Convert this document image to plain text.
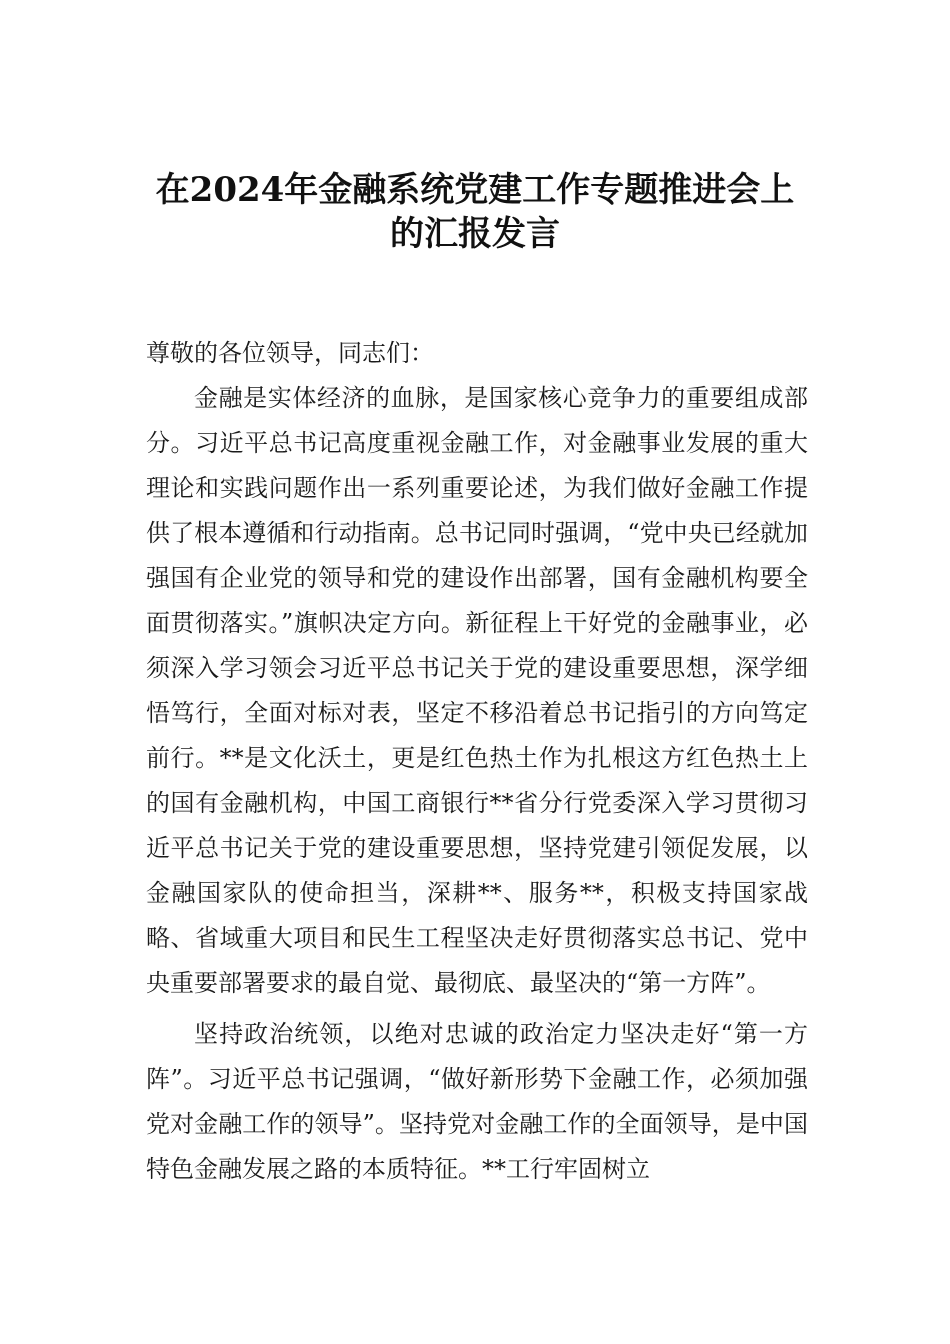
在2024年金融系统党建工作专题推进会上
的汇报发言

尊敬的各位领导，同志们：

金融是实体经济的血脉，是国家核心竞争力的重要组成部分。习近平总书记高度重视金融工作，对金融事业发展的重大理论和实践问题作出一系列重要论述，为我们做好金融工作提供了根本遵循和行动指南。总书记同时强调，“党中央已经就加强国有企业党的领导和党的建设作出部署，国有金融机构要全面贯彻落实。”旗帜决定方向。新征程上干好党的金融事业，必须深入学习领会习近平总书记关于党的建设重要思想，深学细悟笃行，全面对标对表，坚定不移沿着总书记指引的方向笃定前行。**是文化沃土，更是红色热土作为扎根这方红色热土上的国有金融机构，中国工商银行**省分行党委深入学习贯彻习近平总书记关于党的建设重要思想，坚持党建引领促发展，以金融国家队的使命担当，深耕**、服务**，积极支持国家战略、省域重大项目和民生工程坚决走好贯彻落实总书记、党中央重要部署要求的最自觉、最彻底、最坚决的“第一方阵”。

坚持政治统领，以绝对忠诚的政治定力坚决走好“第一方阵”。习近平总书记强调，“做好新形势下金融工作，必须加强党对金融工作的领导”。坚持党对金融工作的全面领导，是中国特色金融发展之路的本质特征。**工行牢固树立
